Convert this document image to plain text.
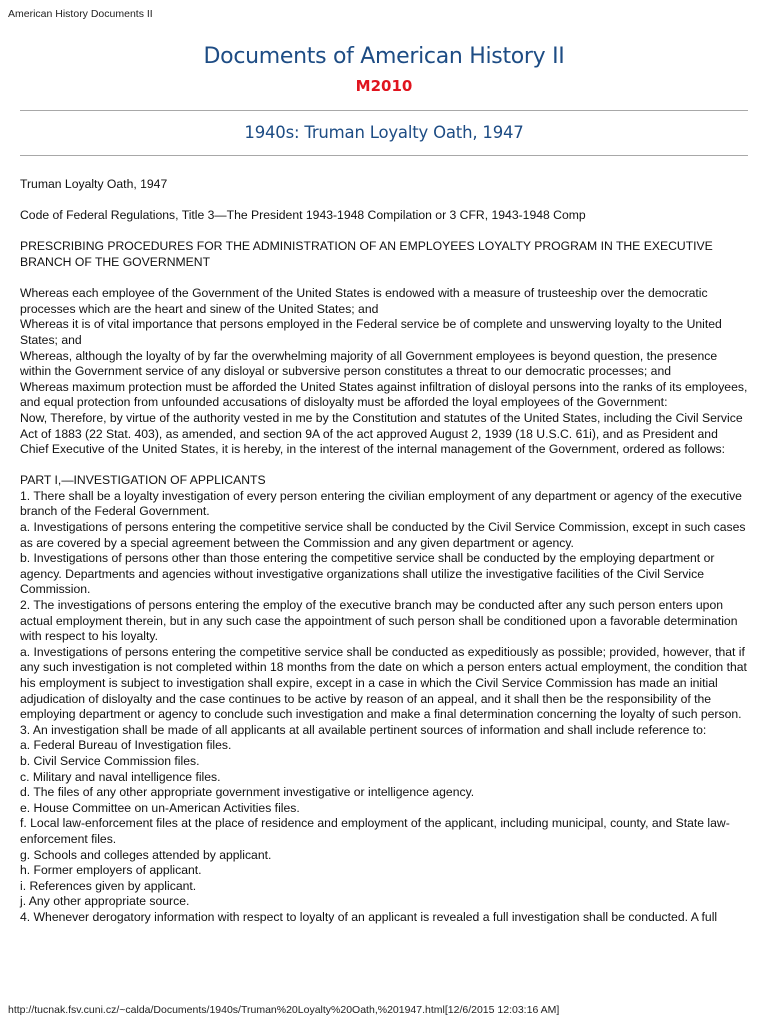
American History Documents II
Documents of American History II
M2010
1940s: Truman Loyalty Oath, 1947

Truman Loyalty Oath, 1947

Code of Federal Regulations, Title 3—The President 1943-1948 Compilation or 3 CFR, 1943-1948 Comp

PRESCRIBING PROCEDURES FOR THE ADMINISTRATION OF AN EMPLOYEES LOYALTY PROGRAM IN THE EXECUTIVE BRANCH OF THE GOVERNMENT

Whereas each employee of the Government of the United States is endowed with a measure of trusteeship over the democratic processes which are the heart and sinew of the United States; and

Whereas it is of vital importance that persons employed in the Federal service be of complete and unswerving loyalty to the United States; and

Whereas, although the loyalty of by far the overwhelming majority of all Government employees is beyond question, the presence within the Government service of any disloyal or subversive person constitutes a threat to our democratic processes; and

Whereas maximum protection must be afforded the United States against infiltration of disloyal persons into the ranks of its employees, and equal protection from unfounded accusations of disloyalty must be afforded the loyal employees of the Government:

Now, Therefore, by virtue of the authority vested in me by the Constitution and statutes of the United States, including the Civil Service Act of 1883 (22 Stat. 403), as amended, and section 9A of the act approved August 2, 1939 (18 U.S.C. 61i), and as President and Chief Executive of the United States, it is hereby, in the interest of the internal management of the Government, ordered as follows:

PART I,—INVESTIGATION OF APPLICANTS

1. There shall be a loyalty investigation of every person entering the civilian employment of any department or agency of the executive branch of the Federal Government.

a. Investigations of persons entering the competitive service shall be conducted by the Civil Service Commission, except in such cases as are covered by a special agreement between the Commission and any given department or agency.

b. Investigations of persons other than those entering the competitive service shall be conducted by the employing department or agency. Departments and agencies without investigative organizations shall utilize the investigative facilities of the Civil Service Commission.

2. The investigations of persons entering the employ of the executive branch may be conducted after any such person enters upon actual employment therein, but in any such case the appointment of such person shall be conditioned upon a favorable determination with respect to his loyalty.

a. Investigations of persons entering the competitive service shall be conducted as expeditiously as possible; provided, however, that if any such investigation is not completed within 18 months from the date on which a person enters actual employment, the condition that his employment is subject to investigation shall expire, except in a case in which the Civil Service Commission has made an initial adjudication of disloyalty and the case continues to be active by reason of an appeal, and it shall then be the responsibility of the employing department or agency to conclude such investigation and make a final determination concerning the loyalty of such person.

3. An investigation shall be made of all applicants at all available pertinent sources of information and shall include reference to:

a. Federal Bureau of Investigation files.

b. Civil Service Commission files.

c. Military and naval intelligence files.

d. The files of any other appropriate government investigative or intelligence agency.

e. House Committee on un-American Activities files.

f. Local law-enforcement files at the place of residence and employment of the applicant, including municipal, county, and State law-enforcement files.

g. Schools and colleges attended by applicant.

h. Former employers of applicant.

i. References given by applicant.

j. Any other appropriate source.

4. Whenever derogatory information with respect to loyalty of an applicant is revealed a full investigation shall be conducted. A full

http://tucnak.fsv.cuni.cz/~calda/Documents/1940s/Truman%20Loyalty%20Oath,%201947.html[12/6/2015 12:03:16 AM]
